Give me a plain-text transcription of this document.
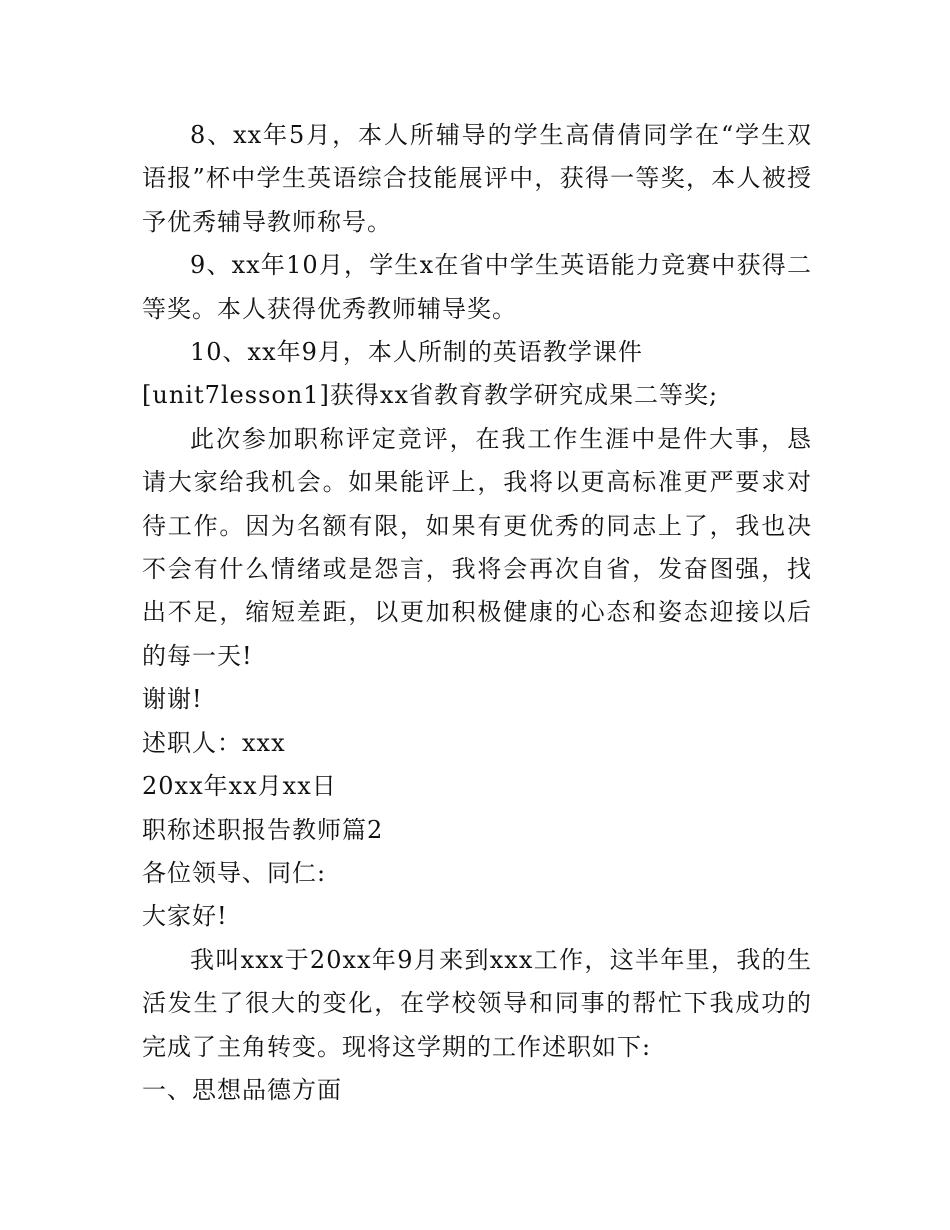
8、xx年5月，本人所辅导的学生高倩倩同学在“学生双语报”杯中学生英语综合技能展评中，获得一等奖，本人被授予优秀辅导教师称号。

9、xx年10月，学生x在省中学生英语能力竞赛中获得二等奖。本人获得优秀教师辅导奖。

10、xx年9月，本人所制的英语教学课件

[unit7lesson1]获得xx省教育教学研究成果二等奖;

此次参加职称评定竞评，在我工作生涯中是件大事，恳请大家给我机会。如果能评上，我将以更高标准更严要求对待工作。因为名额有限，如果有更优秀的同志上了，我也决不会有什么情绪或是怨言，我将会再次自省，发奋图强，找出不足，缩短差距，以更加积极健康的心态和姿态迎接以后的每一天!

谢谢!

述职人：xxx

20xx年xx月xx日

职称述职报告教师篇2

各位领导、同仁:

大家好!

我叫xxx于20xx年9月来到xxx工作，这半年里，我的生活发生了很大的变化，在学校领导和同事的帮忙下我成功的完成了主角转变。现将这学期的工作述职如下:

一、思想品德方面
